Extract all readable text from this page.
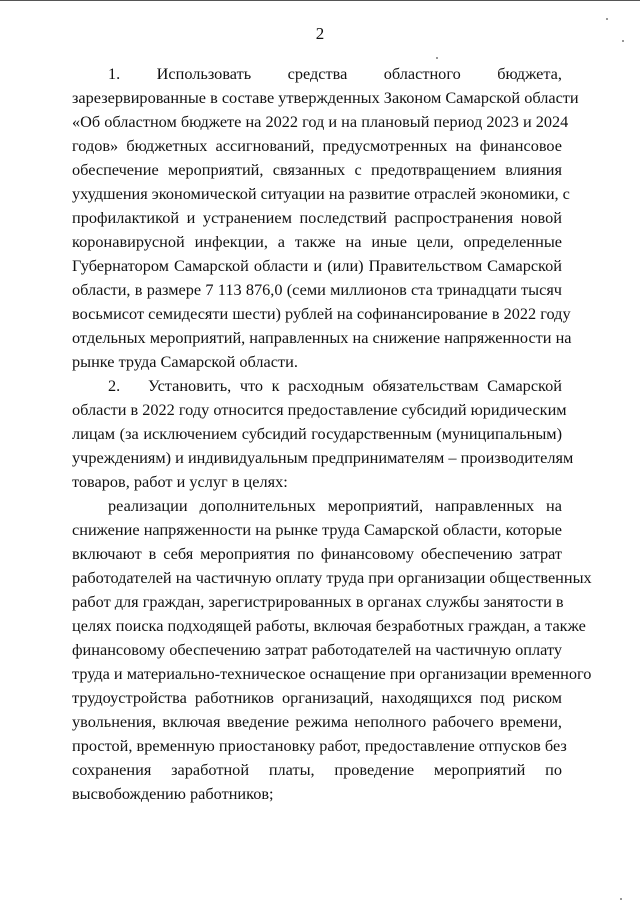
2
1. Использовать средства областного бюджета,
зарезервированные в составе утвержденных Законом Самарской области
«Об областном бюджете на 2022 год и на плановый период 2023 и 2024
годов» бюджетных ассигнований, предусмотренных на финансовое
обеспечение мероприятий, связанных с предотвращением влияния
ухудшения экономической ситуации на развитие отраслей экономики, с
профилактикой и устранением последствий распространения новой
коронавирусной инфекции, а также на иные цели, определенные
Губернатором Самарской области и (или) Правительством Самарской
области, в размере 7 113 876,0 (семи миллионов ста тринадцати тысяч
восьмисот семидесяти шести) рублей на софинансирование в 2022 году
отдельных мероприятий, направленных на снижение напряженности на
рынке труда Самарской области.
2. Установить, что к расходным обязательствам Самарской
области в 2022 году относится предоставление субсидий юридическим
лицам (за исключением субсидий государственным (муниципальным)
учреждениям) и индивидуальным предпринимателям – производителям
товаров, работ и услуг в целях:
реализации дополнительных мероприятий, направленных на
снижение напряженности на рынке труда Самарской области, которые
включают в себя мероприятия по финансовому обеспечению затрат
работодателей на частичную оплату труда при организации общественных
работ для граждан, зарегистрированных в органах службы занятости в
целях поиска подходящей работы, включая безработных граждан, а также
финансовому обеспечению затрат работодателей на частичную оплату
труда и материально-техническое оснащение при организации временного
трудоустройства работников организаций, находящихся под риском
увольнения, включая введение режима неполного рабочего времени,
простой, временную приостановку работ, предоставление отпусков без
сохранения заработной платы, проведение мероприятий по
высвобождению работников;
